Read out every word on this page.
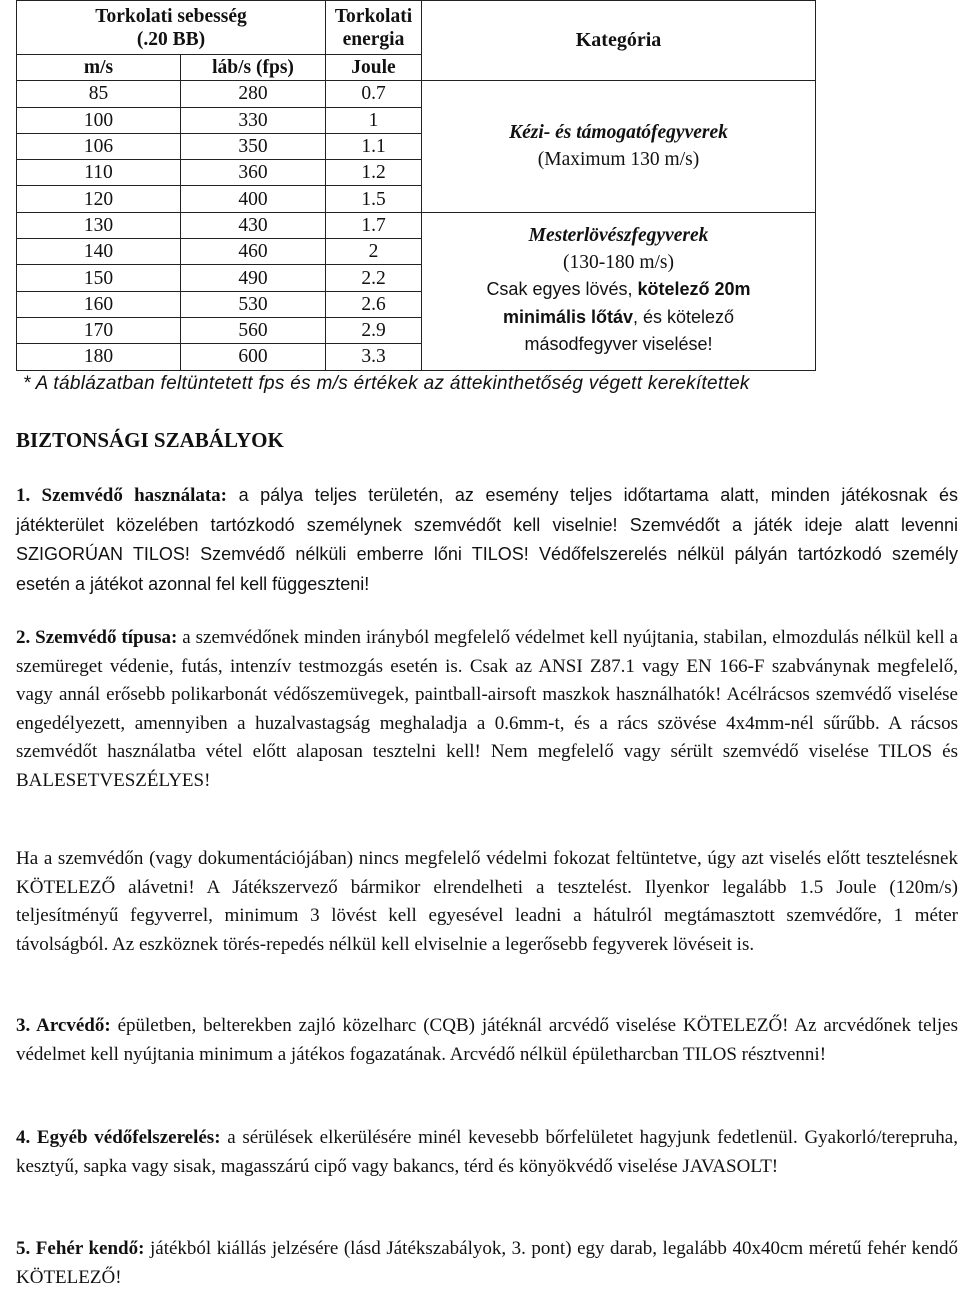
Torkolati sebesség
(.20 BB)		Torkolati
energia	Kategória
m/s	láb/s (fps)	Joule	
85	280	0.7	Kézi- és támogatófegyverek
(Maximum 130 m/s)
100	330	1	
106	350	1.1	
110	360	1.2	
120	400	1.5	
130	430	1.7	Mesterlövészfegyverek
(130-180 m/s)
Csak egyes lövés, kötelező 20m
minimális lőtáv, és kötelező
másodfegyver viselése!
140	460	2	
150	490	2.2	
160	530	2.6	
170	560	2.9	
180	600	3.3	
* A táblázatban feltüntetett fps és m/s értékek az áttekinthetőség végett kerekítettek
BIZTONSÁGI SZABÁLYOK
1. Szemvédő használata: a pálya teljes területén, az esemény teljes időtartama alatt, minden játékosnak és játékterület közelében tartózkodó személynek szemvédőt kell viselnie! Szemvédőt a játék ideje alatt levenni SZIGORÚAN TILOS! Szemvédő nélküli emberre lőni TILOS! Védőfelszerelés nélkül pályán tartózkodó személy esetén a játékot azonnal fel kell függeszteni!
2. Szemvédő típusa: a szemvédőnek minden irányból megfelelő védelmet kell nyújtania, stabilan, elmozdulás nélkül kell a szemüreget védenie, futás, intenzív testmozgás esetén is. Csak az ANSI Z87.1 vagy EN 166-F szabványnak megfelelő, vagy annál erősebb polikarbonát védőszemüvegek, paintball-airsoft maszkok használhatók! Acélrácsos szemvédő viselése engedélyezett, amennyiben a huzalvastagság meghaladja a 0.6mm-t, és a rács szövése 4x4mm-nél sűrűbb. A rácsos szemvédőt használatba vétel előtt alaposan tesztelni kell! Nem megfelelő vagy sérült szemvédő viselése TILOS és BALESETVESZÉLYES!
Ha a szemvédőn (vagy dokumentációjában) nincs megfelelő védelmi fokozat feltüntetve, úgy azt viselés előtt tesztelésnek KÖTELEZŐ alávetni! A Játékszervező bármikor elrendelheti a tesztelést. Ilyenkor legalább 1.5 Joule (120m/s) teljesítményű fegyverrel, minimum 3 lövést kell egyesével leadni a hátulról megtámasztott szemvédőre, 1 méter távolságból. Az eszköznek törés-repedés nélkül kell elviselnie a legerősebb fegyverek lövéseit is.
3. Arcvédő: épületben, belterekben zajló közelharc (CQB) játéknál arcvédő viselése KÖTELEZŐ! Az arcvédőnek teljes védelmet kell nyújtania minimum a játékos fogazatának. Arcvédő nélkül épületharcban TILOS résztvenni!
4. Egyéb védőfelszerelés: a sérülések elkerülésére minél kevesebb bőrfelületet hagyjunk fedetlenül. Gyakorló/terepruha, kesztyű, sapka vagy sisak, magasszárú cipő vagy bakancs, térd és könyökvédő viselése JAVASOLT!
5. Fehér kendő: játékból kiállás jelzésére (lásd Játékszabályok, 3. pont) egy darab, legalább 40x40cm méretű fehér kendő KÖTELEZŐ!
